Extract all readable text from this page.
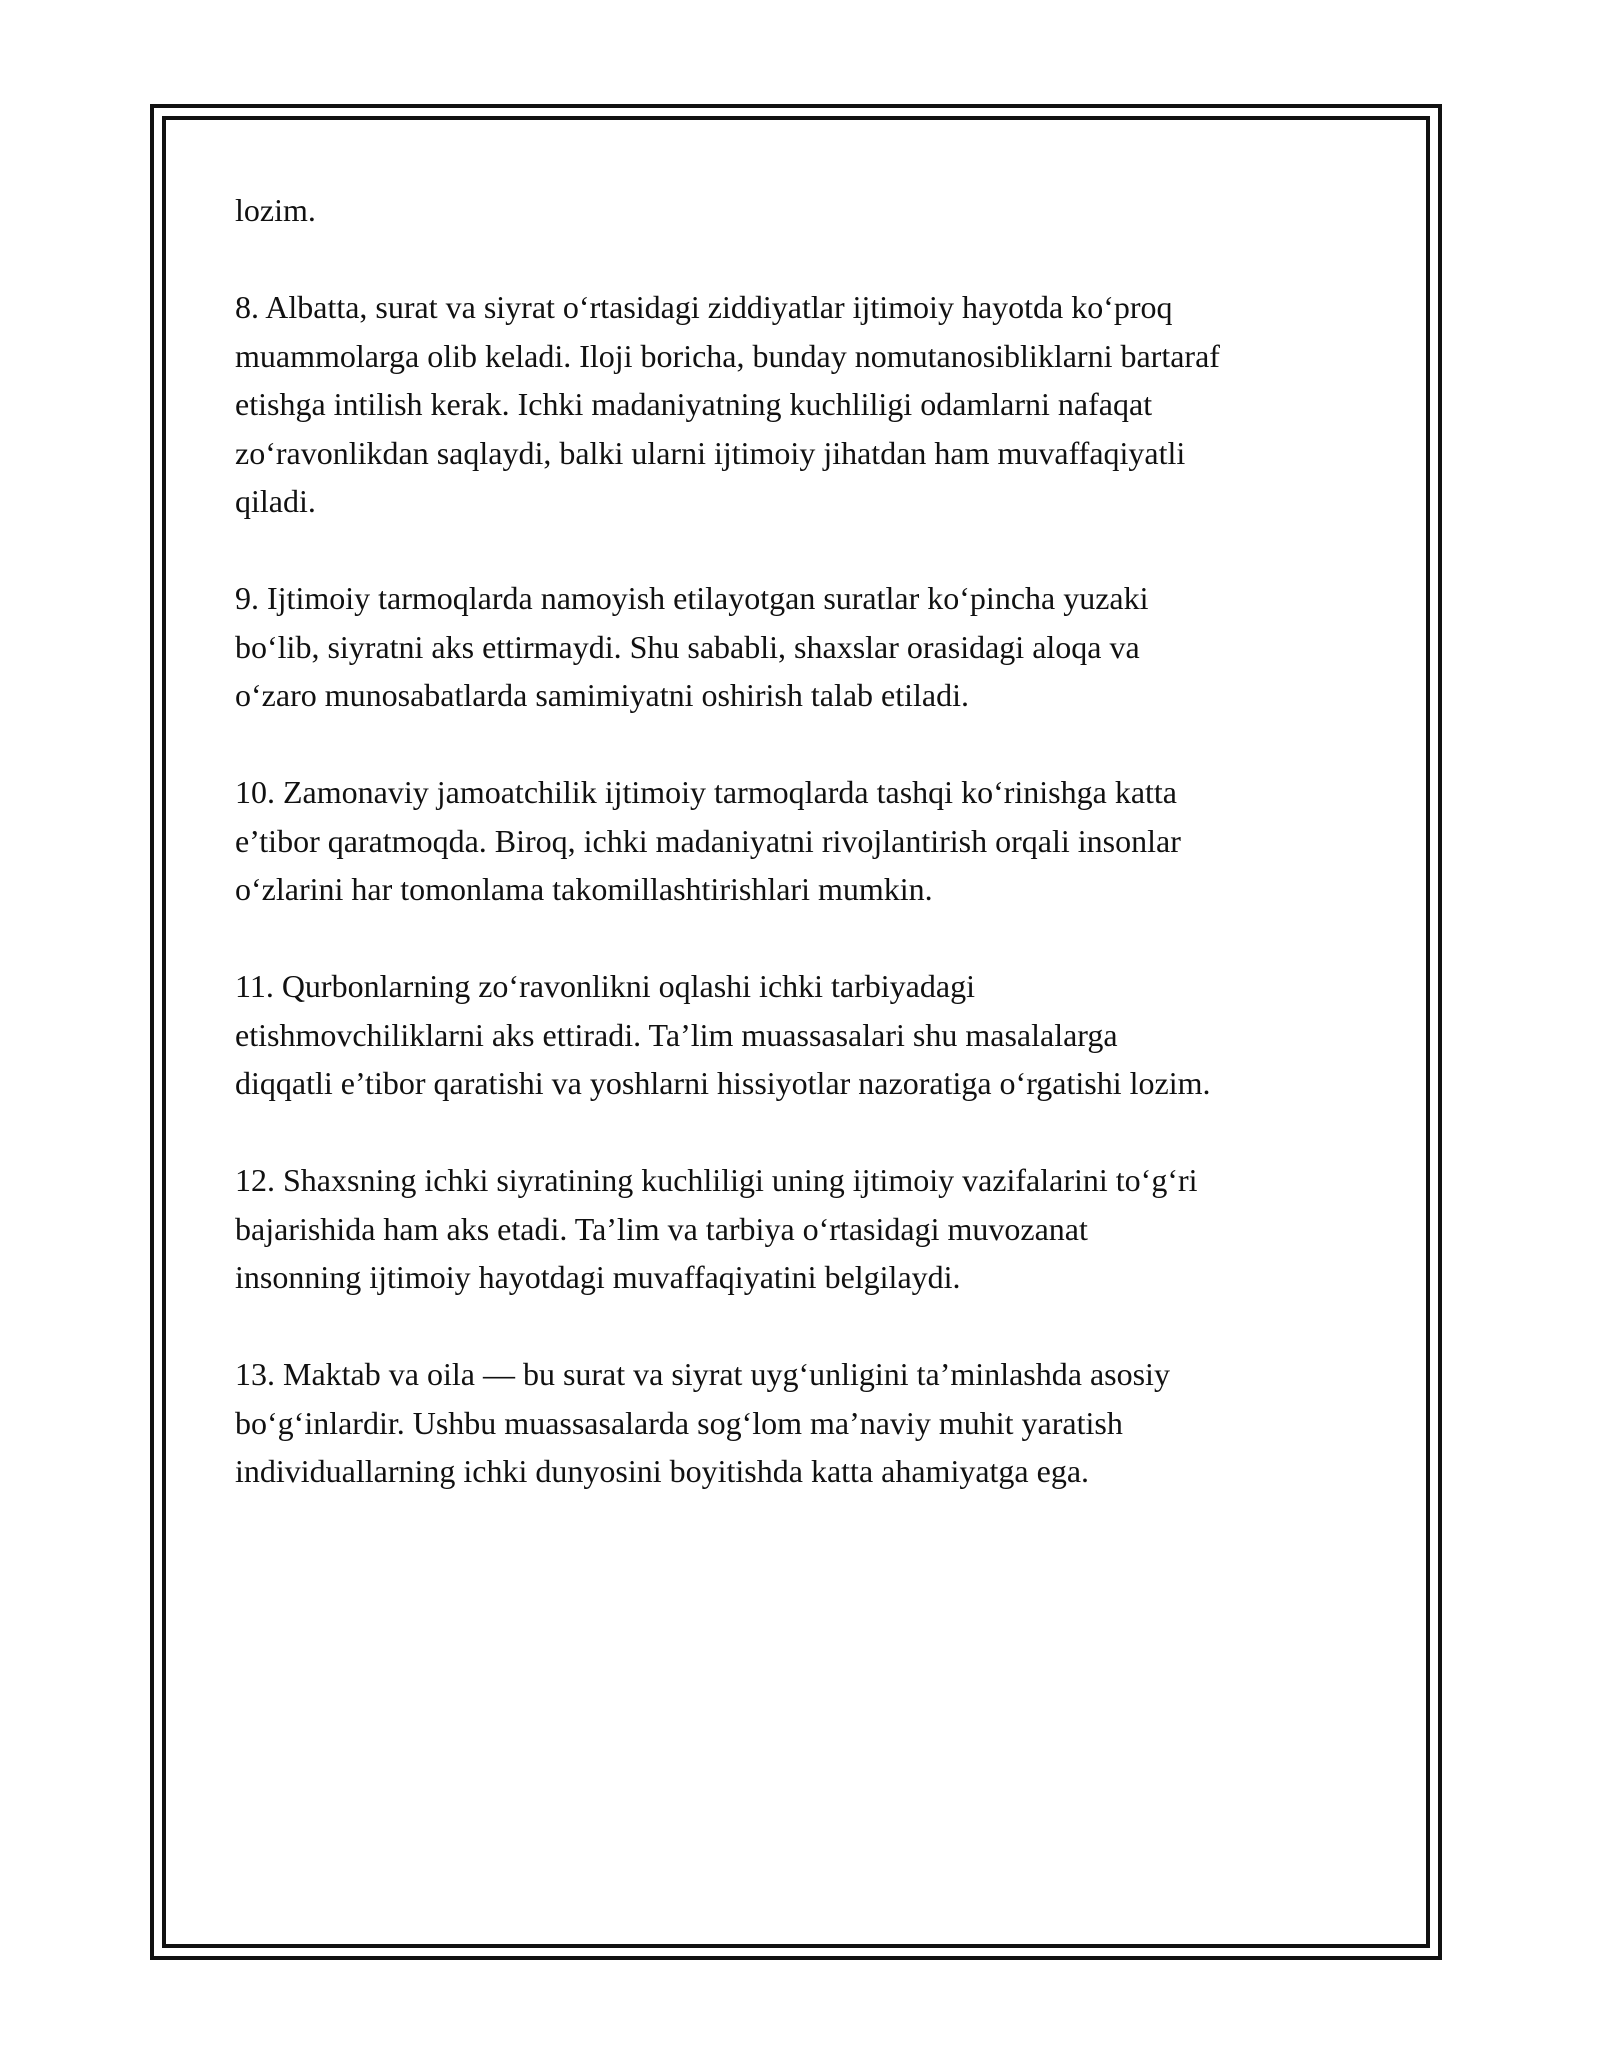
lozim.

8. Albatta, surat va siyrat o‘rtasidagi ziddiyatlar ijtimoiy hayotda ko‘proq
muammolarga olib keladi. Iloji boricha, bunday nomutanosibliklarni bartaraf
etishga intilish kerak. Ichki madaniyatning kuchliligi odamlarni nafaqat
zo‘ravonlikdan saqlaydi, balki ularni ijtimoiy jihatdan ham muvaffaqiyatli
qiladi.

9. Ijtimoiy tarmoqlarda namoyish etilayotgan suratlar ko‘pincha yuzaki
bo‘lib, siyratni aks ettirmaydi. Shu sababli, shaxslar orasidagi aloqa va
o‘zaro munosabatlarda samimiyatni oshirish talab etiladi.

10. Zamonaviy jamoatchilik ijtimoiy tarmoqlarda tashqi ko‘rinishga katta
e’tibor qaratmoqda. Biroq, ichki madaniyatni rivojlantirish orqali insonlar
o‘zlarini har tomonlama takomillashtirishlari mumkin.

11. Qurbonlarning zo‘ravonlikni oqlashi ichki tarbiyadagi
etishmovchiliklarni aks ettiradi. Ta’lim muassasalari shu masalalarga
diqqatli e’tibor qaratishi va yoshlarni hissiyotlar nazoratiga o‘rgatishi lozim.

12. Shaxsning ichki siyratining kuchliligi uning ijtimoiy vazifalarini to‘g‘ri
bajarishida ham aks etadi. Ta’lim va tarbiya o‘rtasidagi muvozanat
insonning ijtimoiy hayotdagi muvaffaqiyatini belgilaydi.

13. Maktab va oila — bu surat va siyrat uyg‘unligini ta’minlashda asosiy
bo‘g‘inlardir. Ushbu muassasalarda sog‘lom ma’naviy muhit yaratish
individuallarning ichki dunyosini boyitishda katta ahamiyatga ega.
